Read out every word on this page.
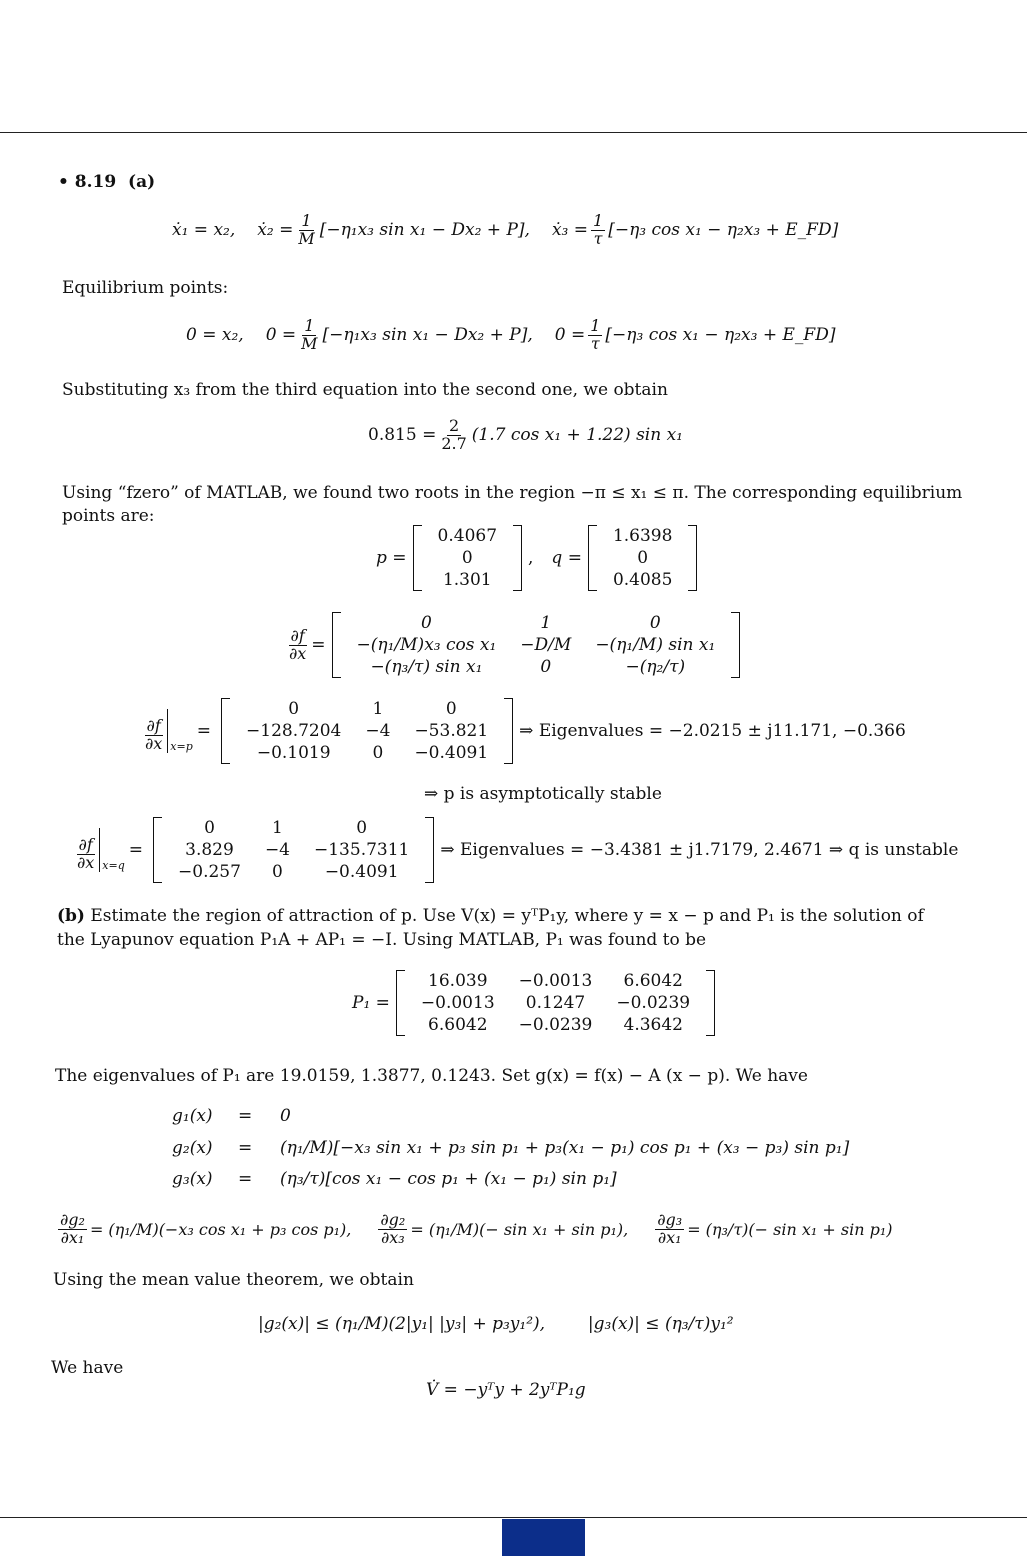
• 8.19 (a)
ẋ₁ = x₂, ẋ₂ = $\frac{1}{M} [-\eta_1x_3$ sin x₁ − Dx₂ + P], ẋ₃ = $\frac{1}{\tau} [-\eta_3$ cos x₁ − η₂x₃ + E_FD]
Equilibrium points:
0 = x₂, $0 = \frac{1}{M} [-\eta_1x_3$ sin x₁ − Dx₂ + P], $0 = \frac{1}{\tau} [-\eta_3$ cos x₁ − η₂x₃ + E_FD]
Substituting x₃ from the third equation into the second one, we obtain
$0.815 = \frac{2}{2.7} (1.7$ cos x₁ + 1.22) sin x₁
Using “fzero” of MATLAB, we found two roots in the region −π ≤ x₁ ≤ π. The corresponding equilibrium
points are:
p =
0.4067
0
1.301
, q =
1.6398
0
0.4085
$\frac{\partial f}{\partial x}$ =
0	1	0
−(η₁/M)x₃ cos x₁	−D/M	−(η₁/M) sin x₁
−(η₃/τ) sin x₁	0	−(η₂/τ)
$\frac{\partial f}{\partial x} x=p$
=
0	1	0
−128.7204	−4	−53.821
−0.1019	0	−0.4091
⇒ Eigenvalues = −2.0215 ± j11.171, −0.366
⇒ p is asymptotically stable
$\frac{\partial f}{\partial x} x=q$
=
0	1	0
3.829	−4	−135.7311
−0.257	0	−0.4091
⇒ Eigenvalues = −3.4381 ± j1.7179, 2.4671 ⇒ q is unstable
(b) Estimate the region of attraction of p. Use V(x) = yᵀP₁y, where y = x − p and P₁ is the solution of
the Lyapunov equation P₁A + AP₁ = −I. Using MATLAB, P₁ was found to be
P₁ =
16.039	−0.0013	6.6042
−0.0013	0.1247	−0.0239
6.6042	−0.0239	4.3642
The eigenvalues of P₁ are 19.0159, 1.3877, 0.1243. Set g(x) = f(x) − A (x − p). We have
g₁(x) = 0
g₂(x) = (η₁/M)[−x₃ sin x₁ + p₃ sin p₁ + p₃(x₁ − p₁) cos p₁ + (x₃ − p₃) sin p₁]
g₃(x) = (η₃/τ)[cos x₁ − cos p₁ + (x₁ − p₁) sin p₁]
$\frac{\text{∂g₂}}{\text{∂x₁}} = (\eta_1/M)(-x_3$ cos x₁ + p₃ cos p₁), $\frac{\text{∂g₂}}{\text{∂x₃}} = (\eta_1/M)(- \sin x_1 + \sin p_1)$, $\frac{\text{∂g₃}}{\text{∂x₁}} = (\eta_3/\tau)(- \sin x_1 + \sin p_1)$
Using the mean value theorem, we obtain
|g₂(x)| ≤ (η₁/M)(2|y₁| |y₃| + p₃y₁²),	|g₃(x)| ≤ (η₃/τ)y₁²
We have
V̇ = −yᵀy + 2yᵀP₁g
